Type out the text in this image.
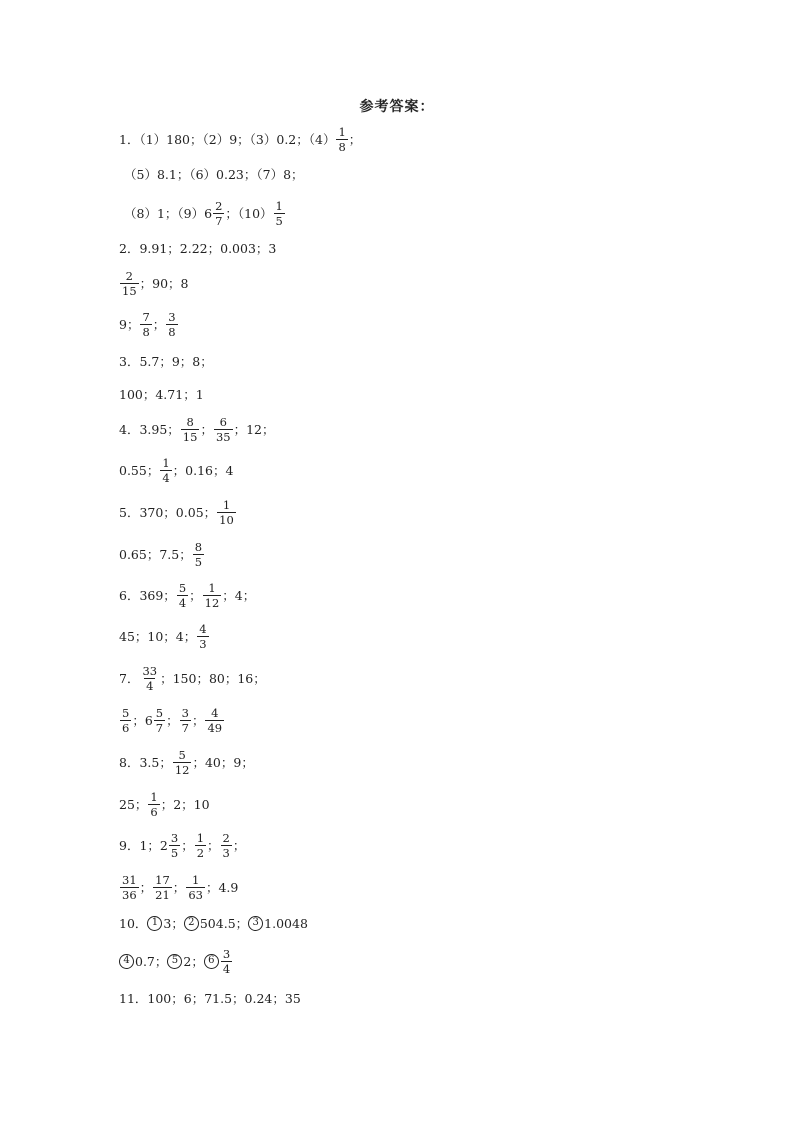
参考答案：
1．（1）180；（2）9；（3）0.2；$(4) \frac{1}{8}$ ；
（5）8.1；（6）0.23；（7）8；
（8）1；（9） $6 \frac{2}{7}$ ；$(10) \frac{1}{5}$
2．9.91；2.22；0.003；3
$\frac{2}{15}$ ；90；8
9； $\frac{7}{8}$ ； $\frac{3}{8}$
3．5.7；9；8；
100；4.71；1
4．3.95； $\frac{8}{15}$ ； $\frac{6}{35}$ ；12；
0.55； $\frac{1}{4}$ ；0.16；4
5．370；0.05； $\frac{1}{10}$
0.65；7.5； $\frac{8}{5}$
6．369； $\frac{5}{4}$ ； $\frac{1}{12}$ ；4；
45；10；4； $\frac{4}{3}$
7． $\frac{33}{4}$ ；150；80；16；
$\frac{5}{6}$ ； $6 \frac{5}{7}$ ； $\frac{3}{7}$ ； $\frac{4}{49}$
8．3.5； $\frac{5}{12}$ ；40；9；
25； $\frac{1}{6}$ ；2；10
9．1； $2 \frac{3}{5}$ ； $\frac{1}{2}$ ； $\frac{2}{3}$ ；
$\frac{31}{36}$ ； $\frac{17}{21}$ ； $\frac{1}{63}$ ；4.9
10． 1 3； 2 504.5； 3 1.0048
4 0.7； 5 2； $6 \frac{3}{4}$
11．100；6；71.5；0.24；35
